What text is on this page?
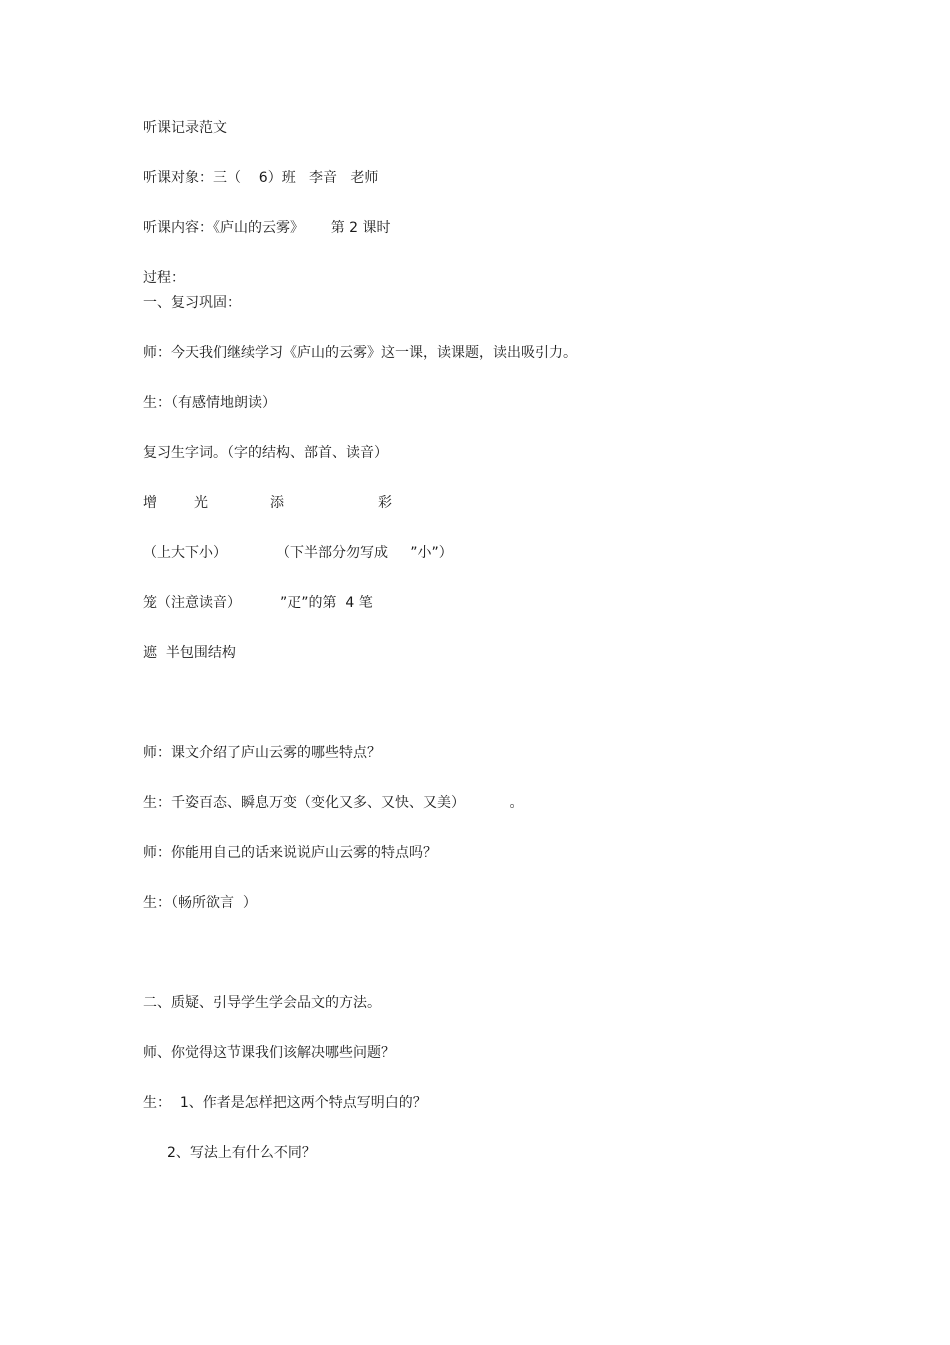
听课记录范文
听课对象：三（    6）班   李音   老师
听课内容：《庐山的云雾》      第 2 课时
过程：
一、复习巩固：
师：今天我们继续学习《庐山的云雾》这一课，读课题，读出吸引力。
生：（有感情地朗读）
复习生字词。（字的结构、部首、读音）
增	光	添	彩
（上大下小）	（下半部分勿写成     ”小”）
笼（注意读音）	”疋”的第  4 笔
遮  半包围结构
师：课文介绍了庐山云雾的哪些特点？
生：千姿百态、瞬息万变（变化又多、又快、又美）          。
师：你能用自己的话来说说庐山云雾的特点吗？
生：（畅所欲言  ）
二、质疑、引导学生学会品文的方法。
师、你觉得这节课我们该解决哪些问题？
生：  1、作者是怎样把这两个特点写明白的？
2、写法上有什么不同？
